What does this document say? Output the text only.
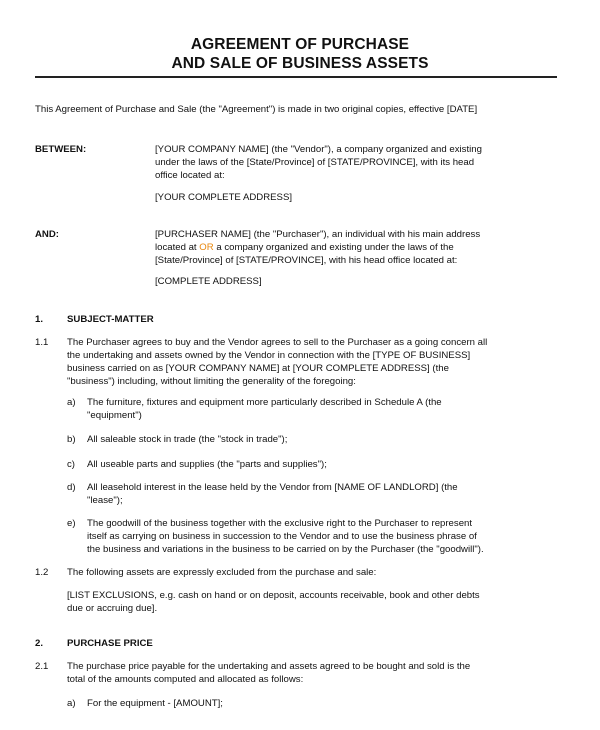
AGREEMENT OF PURCHASE
AND SALE OF BUSINESS ASSETS
This Agreement of Purchase and Sale (the "Agreement") is made in two original copies, effective [DATE]
BETWEEN:	[YOUR COMPANY NAME] (the "Vendor"), a company organized and existing
under the laws of the [State/Province] of [STATE/PROVINCE], with its head
office located at:
[YOUR COMPLETE ADDRESS]
AND:	[PURCHASER NAME] (the "Purchaser"), an individual with his main address
located at OR a company organized and existing under the laws of the
[State/Province] of [STATE/PROVINCE], with his head office located at:
[COMPLETE ADDRESS]
1. SUBJECT-MATTER
1.1 The Purchaser agrees to buy and the Vendor agrees to sell to the Purchaser as a going concern all
the undertaking and assets owned by the Vendor in connection with the [TYPE OF BUSINESS]
business carried on as [YOUR COMPANY NAME] at [YOUR COMPLETE ADDRESS] (the
"business") including, without limiting the generality of the foregoing:
a) The furniture, fixtures and equipment more particularly described in Schedule A (the
"equipment")
b) All saleable stock in trade (the "stock in trade");
c) All useable parts and supplies (the "parts and supplies");
d) All leasehold interest in the lease held by the Vendor from [NAME OF LANDLORD] (the
"lease");
e) The goodwill of the business together with the exclusive right to the Purchaser to represent
itself as carrying on business in succession to the Vendor and to use the business phrase of
the business and variations in the business to be carried on by the Purchaser (the "goodwill").
1.2 The following assets are expressly excluded from the purchase and sale:
[LIST EXCLUSIONS, e.g. cash on hand or on deposit, accounts receivable, book and other debts
due or accruing due].
2. PURCHASE PRICE
2.1 The purchase price payable for the undertaking and assets agreed to be bought and sold is the
total of the amounts computed and allocated as follows:
a) For the equipment - [AMOUNT];
